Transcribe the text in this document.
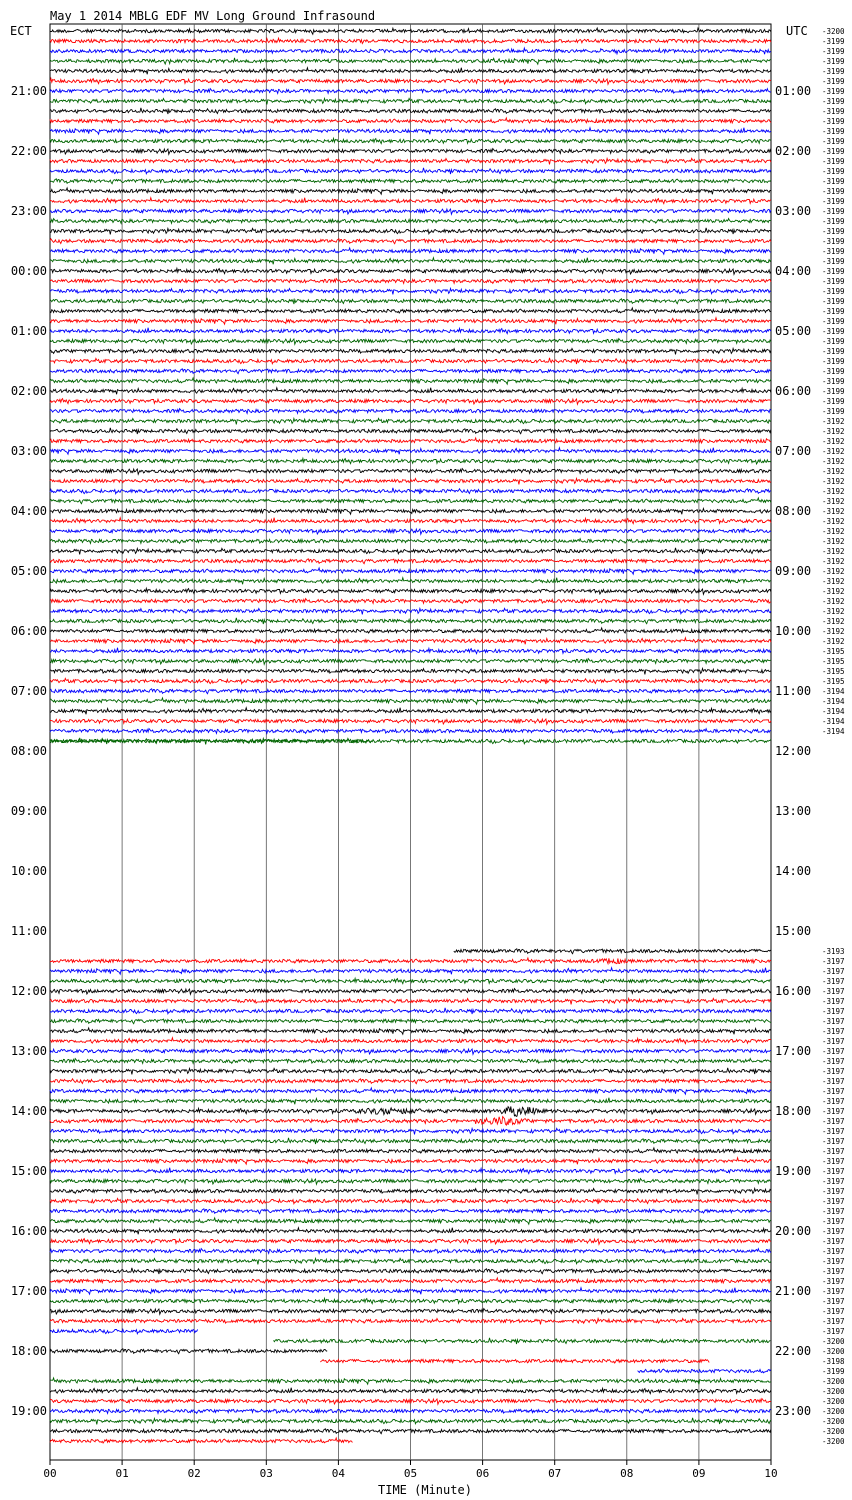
May 1 2014 MBLG EDF MV Long Ground Infrasound
ECT	UTC
TIME (Minute)
00	01	02	03	04	05	06	07	08	09	10
21:00
22:00
23:00
00:00
01:00
02:00
03:00
04:00
05:00
06:00
07:00
08:00
09:00
10:00
11:00
12:00
13:00
14:00
15:00
16:00
17:00
18:00
19:00
01:00
02:00
03:00
04:00
05:00
06:00
07:00
08:00
09:00
10:00
11:00
12:00
13:00
14:00
15:00
16:00
17:00
18:00
19:00
20:00
21:00
22:00
23:00
-3200
-3199
-3199
-3199
-3199
-3199
-3199
-3199
-3199
-3199
-3199
-3199
-3199
-3199
-3199
-3199
-3199
-3199
-3199
-3199
-3199
-3199
-3199
-3199
-3199
-3199
-3199
-3199
-3199
-3199
-3199
-3199
-3199
-3199
-3199
-3199
-3199
-3199
-3199
-3192
-3192
-3192
-3192
-3192
-3192
-3192
-3192
-3192
-3192
-3192
-3192
-3192
-3192
-3192
-3192
-3192
-3192
-3192
-3192
-3192
-3192
-3192
-3195
-3195
-3195
-3195
-3194
-3194
-3194
-3194
-3194
-3193
-3197
-3197
-3197
-3197
-3197
-3197
-3197
-3197
-3197
-3197
-3197
-3197
-3197
-3197
-3197
-3197
-3197
-3197
-3197
-3197
-3197
-3197
-3197
-3197
-3197
-3197
-3197
-3197
-3197
-3197
-3197
-3197
-3197
-3197
-3197
-3197
-3197
-3197
-3200
-3200
-3198
-3199
-3200
-3200
-3200
-3200
-3200
-3200
-3200
